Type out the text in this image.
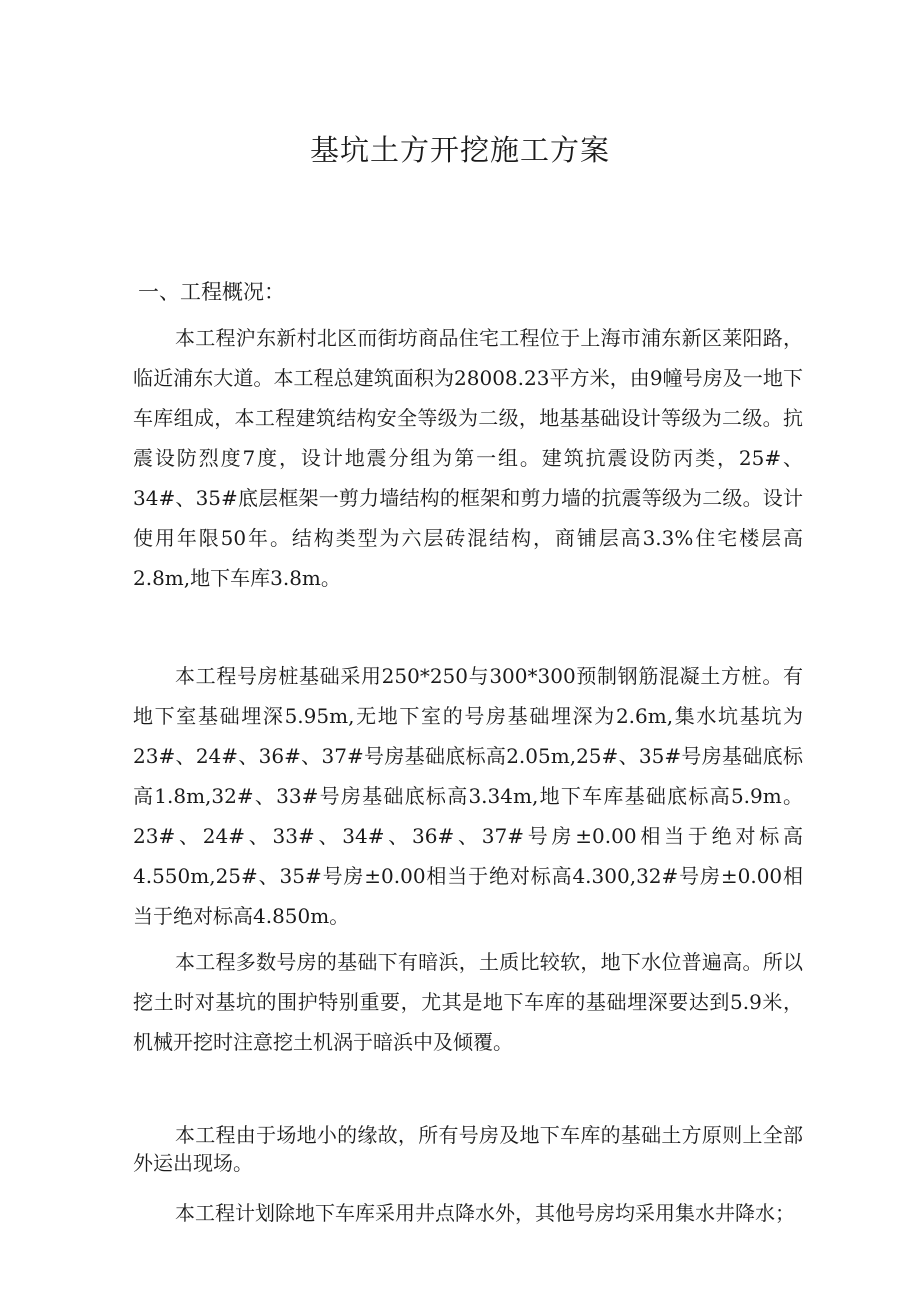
基坑土方开挖施工方案
一、工程概况：

本工程沪东新村北区而街坊商品住宅工程位于上海市浦东新区莱阳路，临近浦东大道。本工程总建筑面积为28008.23平方米，由9幢号房及一地下车库组成，本工程建筑结构安全等级为二级，地基基础设计等级为二级。抗震设防烈度7度，设计地震分组为第一组。建筑抗震设防丙类，25#、34#、35#底层框架一剪力墙结构的框架和剪力墙的抗震等级为二级。设计使用年限50年。结构类型为六层砖混结构，商铺层高3.3%住宅楼层高2.8m,地下车库3.8m。

本工程号房桩基础采用250*250与300*300预制钢筋混凝土方桩。有地下室基础埋深5.95m,无地下室的号房基础埋深为2.6m,集水坑基坑为23#、24#、36#、37#号房基础底标高2.05m,25#、35#号房基础底标高1.8m,32#、33#号房基础底标高3.34m,地下车库基础底标高5.9m。23#、24#、33#、34#、36#、37#号房±0.00相当于绝对标高4.550m,25#、35#号房±0.00相当于绝对标高4.300,32#号房±0.00相当于绝对标高4.850m。

本工程多数号房的基础下有暗浜，土质比较软，地下水位普遍高。所以挖土时对基坑的围护特别重要，尤其是地下车库的基础埋深要达到5.9米，机械开挖时注意挖土机涡于暗浜中及倾覆。

本工程由于场地小的缘故，所有号房及地下车库的基础土方原则上全部外运出现场。

本工程计划除地下车库采用井点降水外，其他号房均采用集水井降水；
